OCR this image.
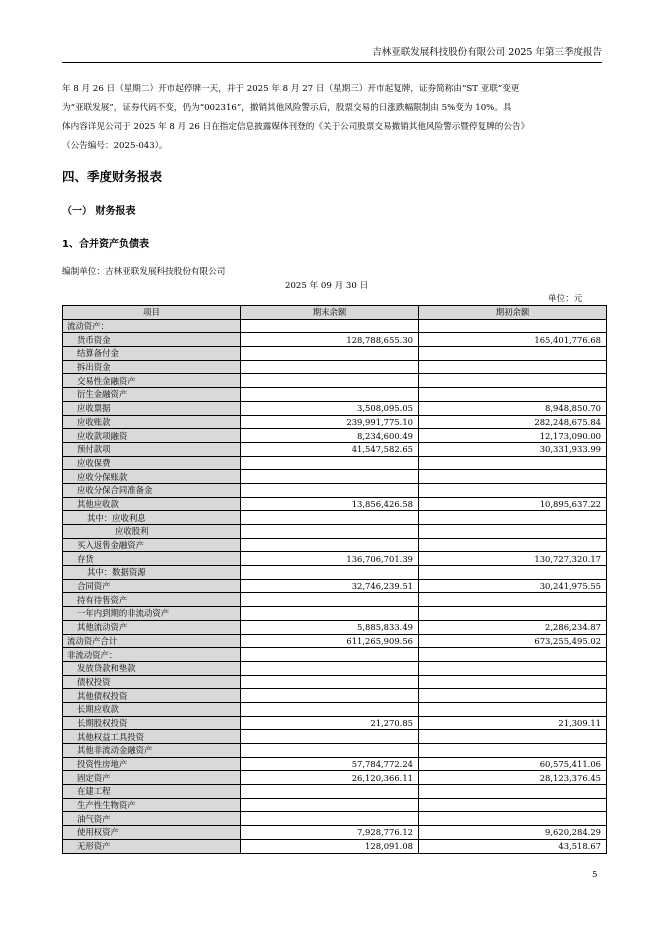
吉林亚联发展科技股份有限公司 2025 年第三季度报告
年 8 月 26 日（星期二）开市起停牌一天，并于 2025 年 8 月 27 日（星期三）开市起复牌，证券简称由“ST 亚联”变更
为“亚联发展”，证券代码不变，仍为“002316”，撤销其他风险警示后，股票交易的日涨跌幅限制由 5%变为 10%。具
体内容详见公司于 2025 年 8 月 26 日在指定信息披露媒体刊登的《关于公司股票交易撤销其他风险警示暨停复牌的公告》
（公告编号：2025-043）。
四、季度财务报表
（一） 财务报表
1、合并资产负债表
编制单位：吉林亚联发展科技股份有限公司
2025 年 09 月 30 日
单位：元
项目	期末余额	期初余额
流动资产：		
货币资金	128,788,655.30	165,401,776.68
结算备付金		
拆出资金		
交易性金融资产		
衍生金融资产		
应收票据	3,508,095.05	8,948,850.70
应收账款	239,991,775.10	282,248,675.84
应收款项融资	8,234,600.49	12,173,090.00
预付款项	41,547,582.65	30,331,933.99
应收保费		
应收分保账款		
应收分保合同准备金		
其他应收款	13,856,426.58	10,895,637.22
其中：应收利息		
应收股利		
买入返售金融资产		
存货	136,706,701.39	130,727,320.17
其中：数据资源		
合同资产	32,746,239.51	30,241,975.55
持有待售资产		
一年内到期的非流动资产		
其他流动资产	5,885,833.49	2,286,234.87
流动资产合计	611,265,909.56	673,255,495.02
非流动资产：		
发放贷款和垫款		
债权投资		
其他债权投资		
长期应收款		
长期股权投资	21,270.85	21,309.11
其他权益工具投资		
其他非流动金融资产		
投资性房地产	57,784,772.24	60,575,411.06
固定资产	26,120,366.11	28,123,376.45
在建工程		
生产性生物资产		
油气资产		
使用权资产	7,928,776.12	9,620,284.29
无形资产	128,091.08	43,518.67
5
